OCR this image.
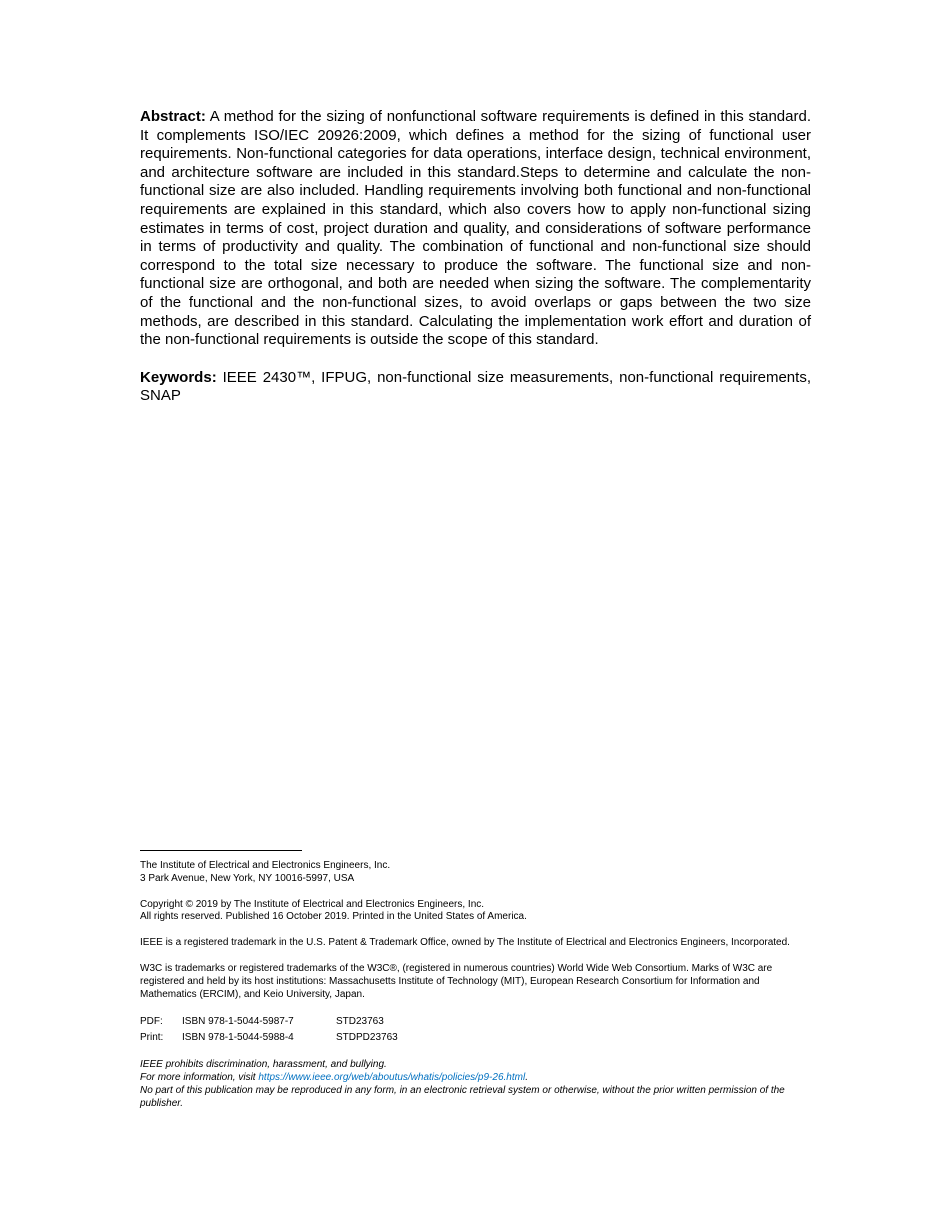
Abstract: A method for the sizing of nonfunctional software requirements is defined in this standard. It complements ISO/IEC 20926:2009, which defines a method for the sizing of functional user requirements. Non-functional categories for data operations, interface design, technical environment, and architecture software are included in this standard.Steps to determine and calculate the non-functional size are also included. Handling requirements involving both functional and non-functional requirements are explained in this standard, which also covers how to apply non-functional sizing estimates in terms of cost, project duration and quality, and considerations of software performance in terms of productivity and quality. The combination of functional and non-functional size should correspond to the total size necessary to produce the software. The functional size and non-functional size are orthogonal, and both are needed when sizing the software. The complementarity of the functional and the non-functional sizes, to avoid overlaps or gaps between the two size methods, are described in this standard. Calculating the implementation work effort and duration of the non-functional requirements is outside the scope of this standard.

Keywords: IEEE 2430™, IFPUG, non-functional size measurements, non-functional requirements, SNAP

The Institute of Electrical and Electronics Engineers, Inc.
3 Park Avenue, New York, NY 10016-5997, USA
Copyright © 2019 by The Institute of Electrical and Electronics Engineers, Inc.
All rights reserved. Published 16 October 2019. Printed in the United States of America.
IEEE is a registered trademark in the U.S. Patent & Trademark Office, owned by The Institute of Electrical and Electronics Engineers, Incorporated.
W3C is trademarks or registered trademarks of the W3C®, (registered in numerous countries) World Wide Web Consortium. Marks of W3C are registered and held by its host institutions: Massachusetts Institute of Technology (MIT), European Research Consortium for Information and Mathematics (ERCIM), and Keio University, Japan.
PDF:	ISBN 978-1-5044-5987-7	STD23763
Print:	ISBN 978-1-5044-5988-4	STDPD23763
IEEE prohibits discrimination, harassment, and bullying.
For more information, visit https://www.ieee.org/web/aboutus/whatis/policies/p9-26.html.
No part of this publication may be reproduced in any form, in an electronic retrieval system or otherwise, without the prior written permission of the publisher.
